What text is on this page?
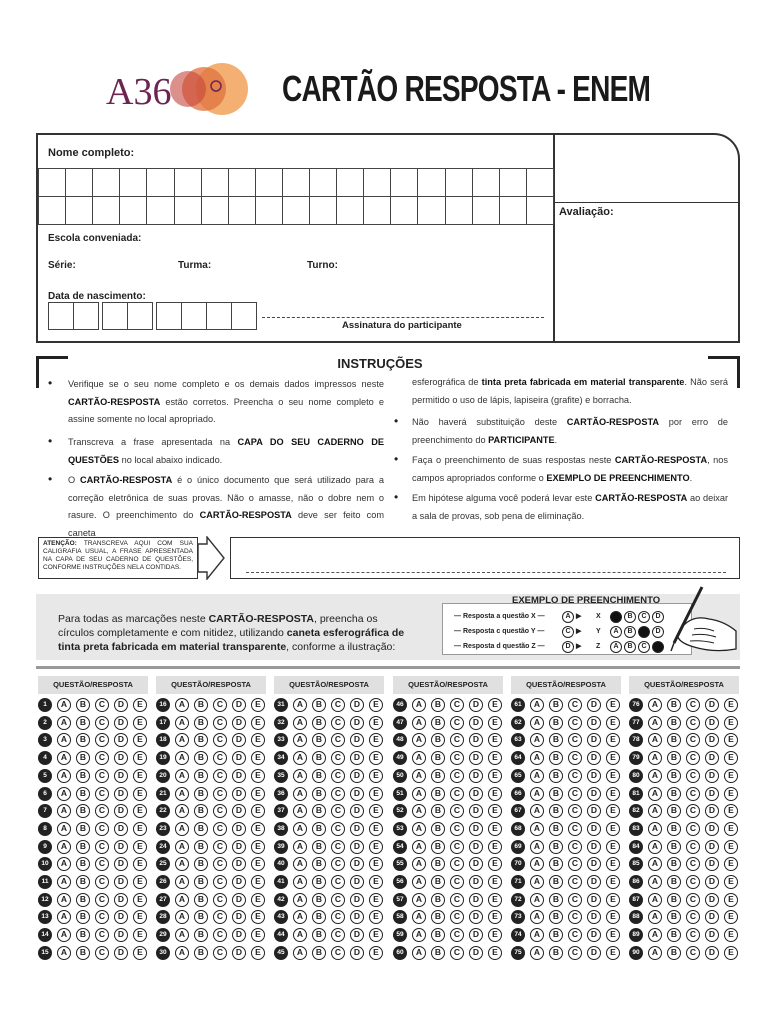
A36	CARTÃO RESPOSTA - ENEM
Nome completo:
Avaliação:
Escola conveniada:
Série:	Turma:	Turno:
Data de nascimento:
Assinatura do participante
INSTRUÇÕES
• Verifique se o seu nome completo e os demais dados impressos neste CARTÃO-RESPOSTA estão corretos. Preencha o seu nome completo e assine somente no local apropriado.
• Transcreva a frase apresentada na CAPA DO SEU CADERNO DE QUESTÕES no local abaixo indicado.
• O CARTÃO-RESPOSTA é o único documento que será utilizado para a correção eletrônica de suas provas. Não o amasse, não o dobre nem o rasure. O preenchimento do CARTÃO-RESPOSTA deve ser feito com caneta
esferográfica de tinta preta fabricada em material transparente. Não será permitido o uso de lápis, lapiseira (grafite) e borracha.
• Não haverá substituição deste CARTÃO-RESPOSTA por erro de preenchimento do PARTICIPANTE.
• Faça o preenchimento de suas respostas neste CARTÃO-RESPOSTA, nos campos apropriados conforme o EXEMPLO DE PREENCHIMENTO.
• Em hipótese alguma você poderá levar este CARTÃO-RESPOSTA ao deixar a sala de provas, sob pena de eliminação.
ATENÇÃO: TRANSCREVA AQUI COM SUA CALIGRAFIA USUAL, A FRASE APRESENTADA NA CAPA DE SEU CADERNO DE QUESTÕES, CONFORME INSTRUÇÕES NELA CONTIDAS.
Para todas as marcações neste CARTÃO-RESPOSTA, preencha os círculos completamente e com nitidez, utilizando caneta esferográfica de tinta preta fabricada em material transparente, conforme a ilustração:
EXEMPLO DE PREENCHIMENTO
— Resposta a questão X —	A ▶ X	A	B	C	D
— Resposta c questão Y —	C ▶ Y	A	B	C	D
— Resposta d questão Z —	D ▶ Z	A	B	C	D
QUESTÃO/RESPOSTA
1	A	B	C	D	E
2	A	B	C	D	E
3	A	B	C	D	E
4	A	B	C	D	E
5	A	B	C	D	E
6	A	B	C	D	E
7	A	B	C	D	E
8	A	B	C	D	E
9	A	B	C	D	E
10	A	B	C	D	E
11	A	B	C	D	E
12	A	B	C	D	E
13	A	B	C	D	E
14	A	B	C	D	E
15	A	B	C	D	E
QUESTÃO/RESPOSTA
16	A	B	C	D	E
17	A	B	C	D	E
18	A	B	C	D	E
19	A	B	C	D	E
20	A	B	C	D	E
21	A	B	C	D	E
22	A	B	C	D	E
23	A	B	C	D	E
24	A	B	C	D	E
25	A	B	C	D	E
26	A	B	C	D	E
27	A	B	C	D	E
28	A	B	C	D	E
29	A	B	C	D	E
30	A	B	C	D	E
QUESTÃO/RESPOSTA
31	A	B	C	D	E
32	A	B	C	D	E
33	A	B	C	D	E
34	A	B	C	D	E
35	A	B	C	D	E
36	A	B	C	D	E
37	A	B	C	D	E
38	A	B	C	D	E
39	A	B	C	D	E
40	A	B	C	D	E
41	A	B	C	D	E
42	A	B	C	D	E
43	A	B	C	D	E
44	A	B	C	D	E
45	A	B	C	D	E
QUESTÃO/RESPOSTA
46	A	B	C	D	E
47	A	B	C	D	E
48	A	B	C	D	E
49	A	B	C	D	E
50	A	B	C	D	E
51	A	B	C	D	E
52	A	B	C	D	E
53	A	B	C	D	E
54	A	B	C	D	E
55	A	B	C	D	E
56	A	B	C	D	E
57	A	B	C	D	E
58	A	B	C	D	E
59	A	B	C	D	E
60	A	B	C	D	E
QUESTÃO/RESPOSTA
61	A	B	C	D	E
62	A	B	C	D	E
63	A	B	C	D	E
64	A	B	C	D	E
65	A	B	C	D	E
66	A	B	C	D	E
67	A	B	C	D	E
68	A	B	C	D	E
69	A	B	C	D	E
70	A	B	C	D	E
71	A	B	C	D	E
72	A	B	C	D	E
73	A	B	C	D	E
74	A	B	C	D	E
75	A	B	C	D	E
QUESTÃO/RESPOSTA
76	A	B	C	D	E
77	A	B	C	D	E
78	A	B	C	D	E
79	A	B	C	D	E
80	A	B	C	D	E
81	A	B	C	D	E
82	A	B	C	D	E
83	A	B	C	D	E
84	A	B	C	D	E
85	A	B	C	D	E
86	A	B	C	D	E
87	A	B	C	D	E
88	A	B	C	D	E
89	A	B	C	D	E
90	A	B	C	D	E
